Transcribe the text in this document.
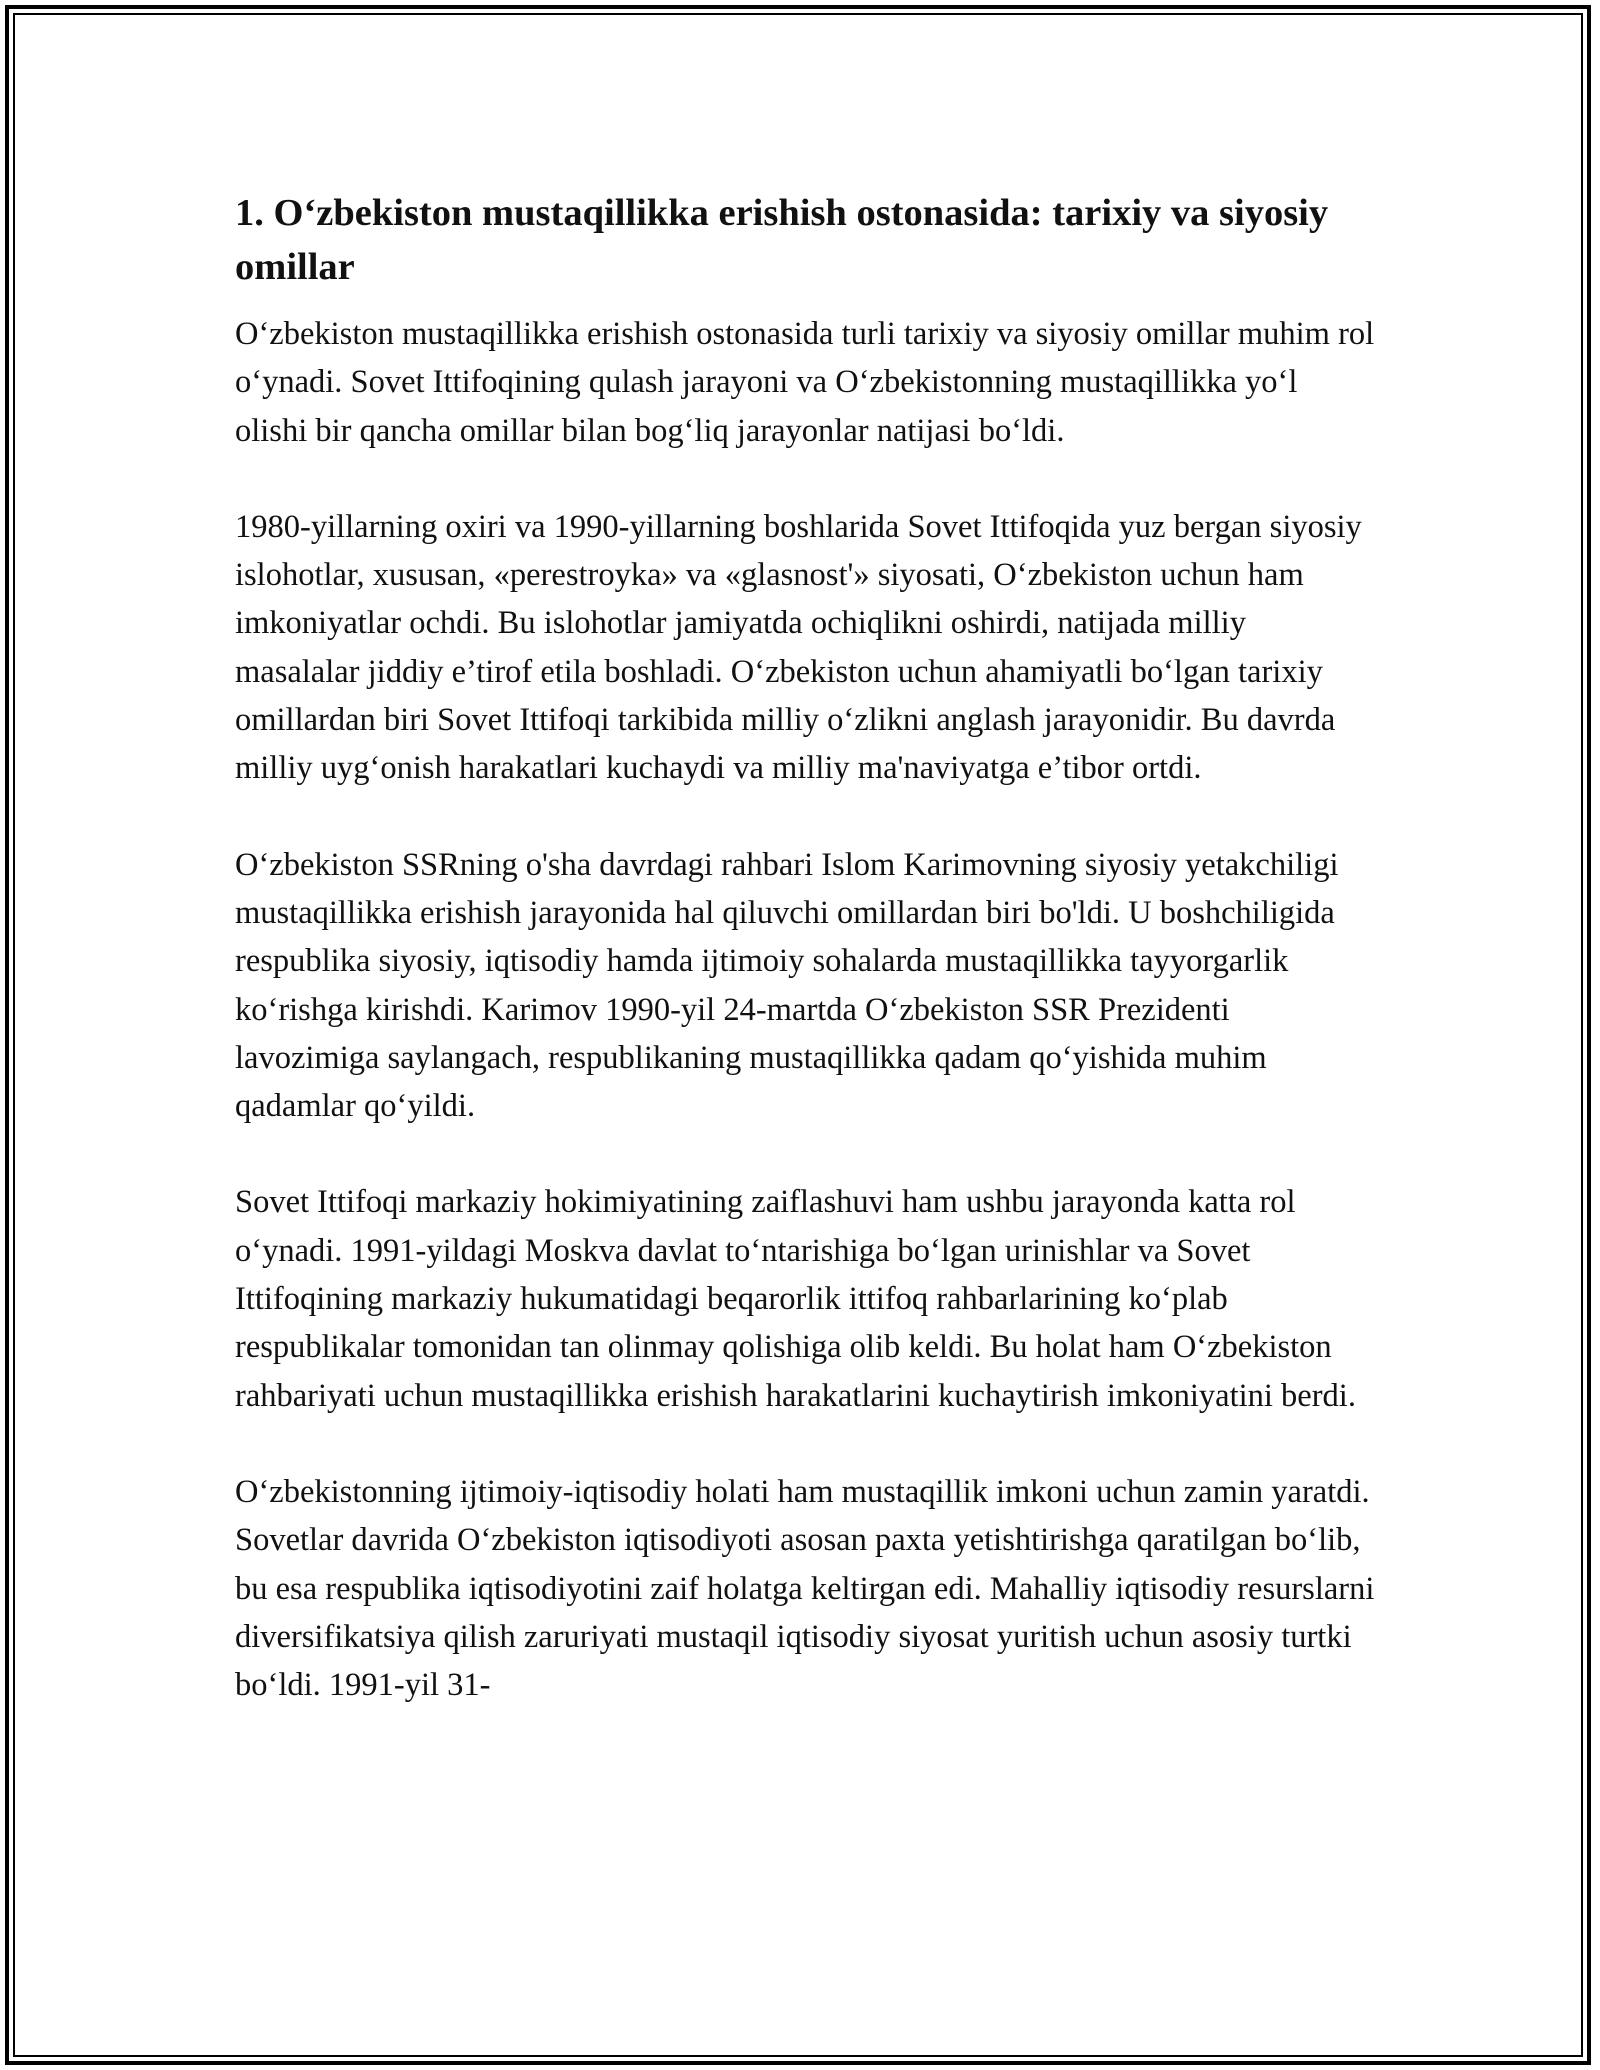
1. O‘zbekiston mustaqillikka erishish ostonasida: tarixiy va siyosiy omillar

O‘zbekiston mustaqillikka erishish ostonasida turli tarixiy va siyosiy omillar muhim rol o‘ynadi. Sovet Ittifoqining qulash jarayoni va O‘zbekistonning mustaqillikka yo‘l olishi bir qancha omillar bilan bog‘liq jarayonlar natijasi bo‘ldi.

1980-yillarning oxiri va 1990-yillarning boshlarida Sovet Ittifoqida yuz bergan siyosiy islohotlar, xususan, «perestroyka» va «glasnost'» siyosati, O‘zbekiston uchun ham imkoniyatlar ochdi. Bu islohotlar jamiyatda ochiqlikni oshirdi, natijada milliy masalalar jiddiy e’tirof etila boshladi. O‘zbekiston uchun ahamiyatli bo‘lgan tarixiy omillardan biri Sovet Ittifoqi tarkibida milliy o‘zlikni anglash jarayonidir. Bu davrda milliy uyg‘onish harakatlari kuchaydi va milliy ma'naviyatga e’tibor ortdi.

O‘zbekiston SSRning o'sha davrdagi rahbari Islom Karimovning siyosiy yetakchiligi mustaqillikka erishish jarayonida hal qiluvchi omillardan biri bo'ldi. U boshchiligida respublika siyosiy, iqtisodiy hamda ijtimoiy sohalarda mustaqillikka tayyorgarlik ko‘rishga kirishdi. Karimov 1990-yil 24-martda O‘zbekiston SSR Prezidenti lavozimiga saylangach, respublikaning mustaqillikka qadam qo‘yishida muhim qadamlar qo‘yildi.

Sovet Ittifoqi markaziy hokimiyatining zaiflashuvi ham ushbu jarayonda katta rol o‘ynadi. 1991-yildagi Moskva davlat to‘ntarishiga bo‘lgan urinishlar va Sovet Ittifoqining markaziy hukumatidagi beqarorlik ittifoq rahbarlarining ko‘plab respublikalar tomonidan tan olinmay qolishiga olib keldi. Bu holat ham O‘zbekiston rahbariyati uchun mustaqillikka erishish harakatlarini kuchaytirish imkoniyatini berdi.

O‘zbekistonning ijtimoiy-iqtisodiy holati ham mustaqillik imkoni uchun zamin yaratdi. Sovetlar davrida O‘zbekiston iqtisodiyoti asosan paxta yetishtirishga qaratilgan bo‘lib, bu esa respublika iqtisodiyotini zaif holatga keltirgan edi. Mahalliy iqtisodiy resurslarni diversifikatsiya qilish zaruriyati mustaqil iqtisodiy siyosat yuritish uchun asosiy turtki bo‘ldi. 1991-yil 31-
